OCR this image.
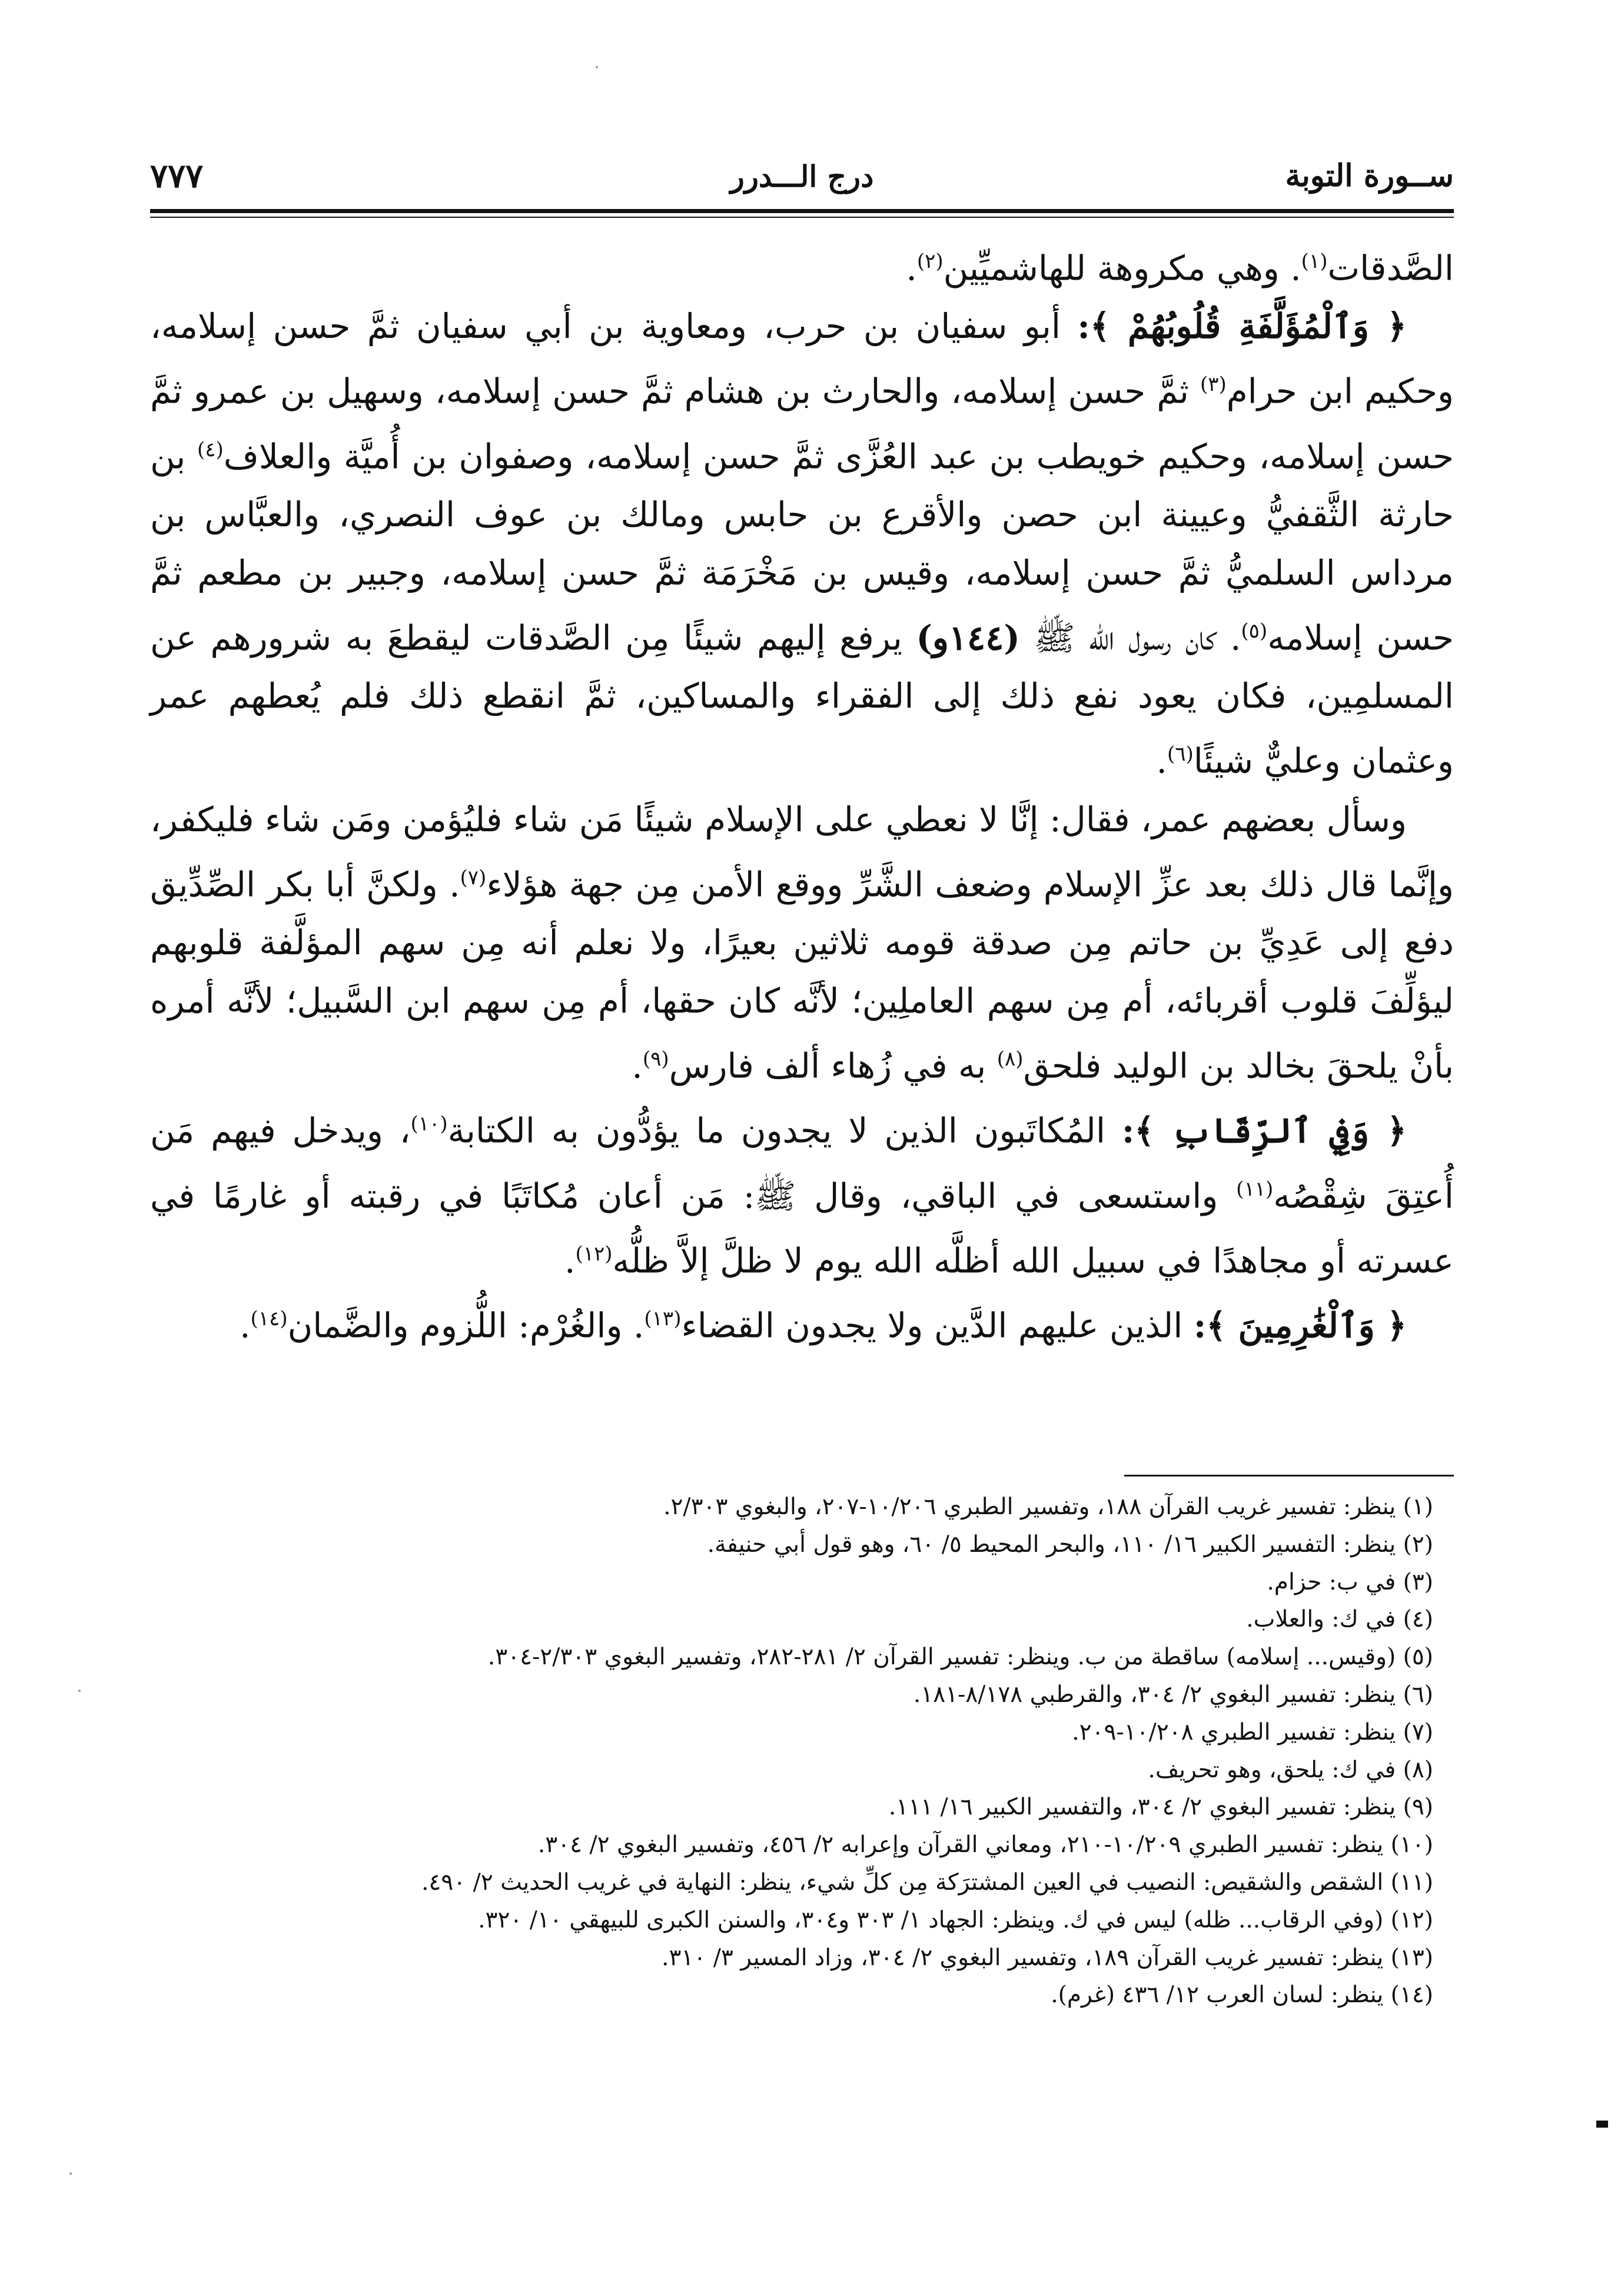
ســورة التوبة
درج الـــدرر
٧٧٧

الصَّدقات$^{(١)}$. وهي مكروهة للهاشميِّين$^{(٢)}$.

﴿ وَٱلْمُؤَلَّفَةِ قُلُوبُهُمْ ﴾: أبو سفيان بن حرب، ومعاوية بن أبي سفيان ثمَّ حسن إسلامه، وحكيم ابن حرام$^{(٣)}$ ثمَّ حسن إسلامه، والحارث بن هشام ثمَّ حسن إسلامه، وسهيل بن عمرو ثمَّ حسن إسلامه، وحكيم خويطب بن عبد العُزَّى ثمَّ حسن إسلامه، وصفوان بن أُميَّة والعلاف$^{(٤)}$ بن حارثة الثَّقفيُّ وعيينة ابن حصن والأقرع بن حابس ومالك بن عوف النصري، والعبَّاس بن مرداس السلميُّ ثمَّ حسن إسلامه، وقيس بن مَخْرَمَة ثمَّ حسن إسلامه، وجبير بن مطعم ثمَّ حسن إسلامه$^{(٥)}$. كان رسول الله ﷺ (١٤٤و) يرفع إليهم شيئًا مِن الصَّدقات ليقطعَ به شرورهم عن المسلمِين، فكان يعود نفع ذلك إلى الفقراء والمساكين، ثمَّ انقطع ذلك فلم يُعطهم عمر وعثمان وعليٌّ شيئًا$^{(٦)}$.

وسأل بعضهم عمر، فقال: إنَّا لا نعطي على الإسلام شيئًا مَن شاء فليُؤمن ومَن شاء فليكفر، وإنَّما قال ذلك بعد عزِّ الإسلام وضعف الشَّرِّ ووقع الأمن مِن جهة هؤلاء$^{(٧)}$. ولكنَّ أبا بكر الصِّدِّيق دفع إلى عَدِيِّ بن حاتم مِن صدقة قومه ثلاثين بعيرًا، ولا نعلم أنه مِن سهم المؤلَّفة قلوبهم ليؤلِّفَ قلوب أقربائه، أم مِن سهم العاملِين؛ لأنَّه كان حقها، أم مِن سهم ابن السَّبيل؛ لأنَّه أمره بأنْ يلحقَ بخالد بن الوليد فلحق$^{(٨)}$ به في زُهاء ألف فارس$^{(٩)}$.

﴿ وَفِي ٱلرِّقَابِ ﴾: المُكاتَبون الذين لا يجدون ما يؤدُّون به الكتابة$^{(١٠)}$، ويدخل فيهم مَن أُعتِقَ شِقْصُه$^{(١١)}$ واستسعى في الباقي، وقال ﷺ: مَن أعان مُكاتَبًا في رقبته أو غارمًا في عسرته أو مجاهدًا في سبيل الله أظلَّه الله يوم لا ظلَّ إلاَّ ظلُّه$^{(١٢)}$.

﴿ وَٱلْغَٰرِمِينَ ﴾: الذين عليهم الدَّين ولا يجدون القضاء$^{(١٣)}$. والغُرْم: اللُّزوم والضَّمان$^{(١٤)}$.

(١) ينظر: تفسير غريب القرآن ١٨٨، وتفسير الطبري ١٠/٢٠٦-٢٠٧، والبغوي ٢/٣٠٣.

(٢) ينظر: التفسير الكبير ١٦/ ١١٠، والبحر المحيط ٥/ ٦٠، وهو قول أبي حنيفة.

(٣) في ب: حزام.

(٤) في ك: والعلاب.

(٥) (وقيس... إسلامه) ساقطة من ب. وينظر: تفسير القرآن ٢/ ٢٨١-٢٨٢، وتفسير البغوي ٢/٣٠٣-٣٠٤.

(٦) ينظر: تفسير البغوي ٢/ ٣٠٤، والقرطبي ٨/١٧٨-١٨١.

(٧) ينظر: تفسير الطبري ١٠/٢٠٨-٢٠٩.

(٨) في ك: يلحق، وهو تحريف.

(٩) ينظر: تفسير البغوي ٢/ ٣٠٤، والتفسير الكبير ١٦/ ١١١.

(١٠) ينظر: تفسير الطبري ١٠/٢٠٩-٢١٠، ومعاني القرآن وإعرابه ٢/ ٤٥٦، وتفسير البغوي ٢/ ٣٠٤.

(١١) الشقص والشقيص: النصيب في العين المشترَكة مِن كلِّ شيء، ينظر: النهاية في غريب الحديث ٢/ ٤٩٠.

(١٢) (وفي الرقاب... ظله) ليس في ك. وينظر: الجهاد ١/ ٣٠٣ و٣٠٤، والسنن الكبرى للبيهقي ١٠/ ٣٢٠.

(١٣) ينظر: تفسير غريب القرآن ١٨٩، وتفسير البغوي ٢/ ٣٠٤، وزاد المسير ٣/ ٣١٠.

(١٤) ينظر: لسان العرب ١٢/ ٤٣٦ (غرم).
